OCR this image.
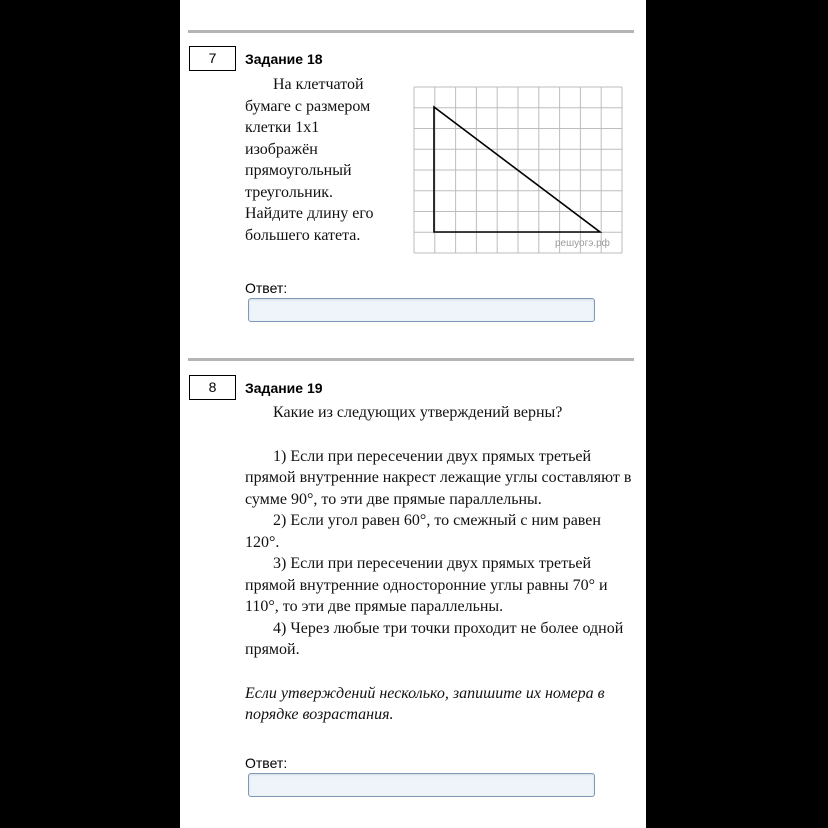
7	Задание 18
На клетчатой
бумаге с размером
клетки 1x1
изображён
прямоугольный
треугольник.
Найдите длину его
большего катета.	решуогэ.рф
Ответ:
8	Задание 19

Какие из следующих утверждений верны?

1) Если при пересечении двух прямых третьей прямой внутренние накрест лежащие углы составляют в сумме 90°, то эти две прямые параллельны.

2) Если угол равен 60°, то смежный с ним равен 120°.

3) Если при пересечении двух прямых третьей прямой внутренние односторонние углы равны 70° и 110°, то эти две прямые параллельны.

4) Через любые три точки проходит не более одной прямой.

Если утверждений несколько, запишите их номера в порядке возрастания.

Ответ:
